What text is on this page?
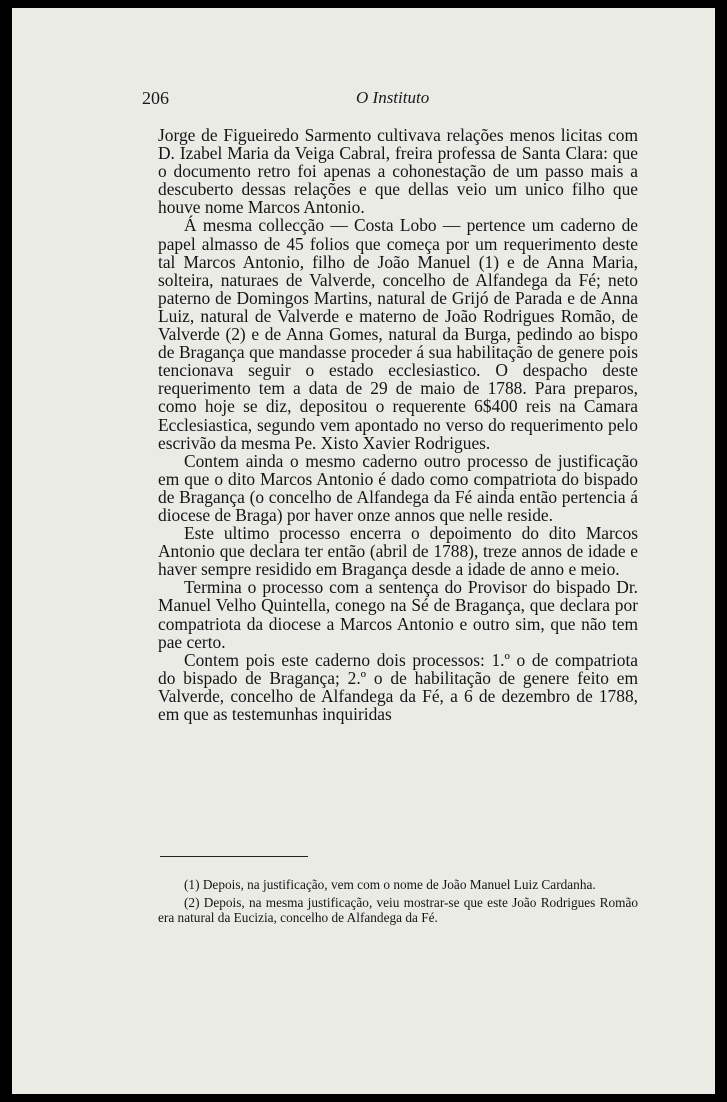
206	O Instituto

Jorge de Figueiredo Sarmento cultivava relações menos licitas com D. Izabel Maria da Veiga Cabral, freira professa de Santa Clara: que o documento retro foi apenas a cohonestação de um passo mais a descuberto dessas relações e que dellas veio um unico filho que houve nome Marcos Antonio.

Á mesma collecção — Costa Lobo — pertence um caderno de papel almasso de 45 folios que começa por um requerimento deste tal Marcos Antonio, filho de João Manuel (1) e de Anna Maria, solteira, naturaes de Valverde, concelho de Alfandega da Fé; neto paterno de Domingos Martins, natural de Grijó de Parada e de Anna Luiz, natural de Valverde e materno de João Rodrigues Romão, de Valverde (2) e de Anna Gomes, natural da Burga, pedindo ao bispo de Bragança que mandasse proceder á sua habilitação de genere pois tencionava seguir o estado ecclesiastico. O despacho deste requerimento tem a data de 29 de maio de 1788. Para preparos, como hoje se diz, depositou o requerente 6$400 reis na Camara Ecclesiastica, segundo vem apontado no verso do requerimento pelo escrivão da mesma Pe. Xisto Xavier Rodrigues.

Contem ainda o mesmo caderno outro processo de justificação em que o dito Marcos Antonio é dado como compatriota do bispado de Bragança (o concelho de Alfandega da Fé ainda então pertencia á diocese de Braga) por haver onze annos que nelle reside.

Este ultimo processo encerra o depoimento do dito Marcos Antonio que declara ter então (abril de 1788), treze annos de idade e haver sempre residido em Bragança desde a idade de anno e meio.

Termina o processo com a sentença do Provisor do bispado Dr. Manuel Velho Quintella, conego na Sé de Bragança, que declara por compatriota da diocese a Marcos Antonio e outro sim, que não tem pae certo.

Contem pois este caderno dois processos: 1.º o de compatriota do bispado de Bragança; 2.º o de habilitação de genere feito em Valverde, concelho de Alfandega da Fé, a 6 de dezembro de 1788, em que as testemunhas inquiridas

(1) Depois, na justificação, vem com o nome de João Manuel Luiz Cardanha.

(2) Depois, na mesma justificação, veiu mostrar-se que este João Rodrigues Romão era natural da Eucizia, concelho de Alfandega da Fé.
